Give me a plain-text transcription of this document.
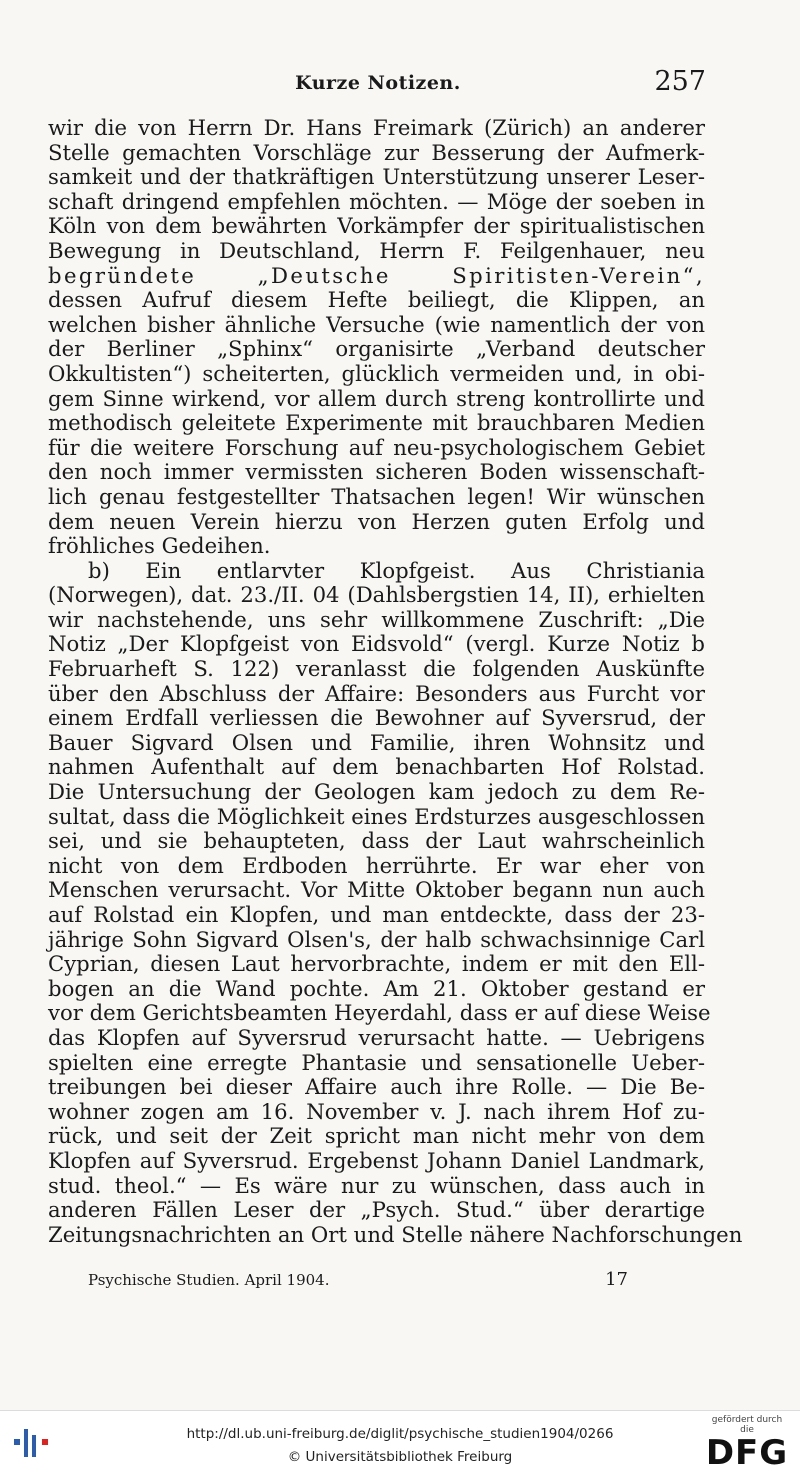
Kurze Notizen.	257
wir die von Herrn Dr. Hans Freimark (Zürich) an anderer
Stelle gemachten Vorschläge zur Besserung der Aufmerk-
samkeit und der thatkräftigen Unterstützung unserer Leser-
schaft dringend empfehlen möchten. — Möge der soeben in
Köln von dem bewährten Vorkämpfer der spiritualistischen
Bewegung in Deutschland, Herrn F. Feilgenhauer, neu
begründete „Deutsche Spiritisten-Verein“,
dessen Aufruf diesem Hefte beiliegt, die Klippen, an
welchen bisher ähnliche Versuche (wie namentlich der von
der Berliner „Sphinx“ organisirte „Verband deutscher
Okkultisten“) scheiterten, glücklich vermeiden und, in obi-
gem Sinne wirkend, vor allem durch streng kontrollirte und
methodisch geleitete Experimente mit brauchbaren Medien
für die weitere Forschung auf neu-psychologischem Gebiet
den noch immer vermissten sicheren Boden wissenschaft-
lich genau festgestellter Thatsachen legen! Wir wünschen
dem neuen Verein hierzu von Herzen guten Erfolg und
fröhliches Gedeihen.
b) Ein entlarvter Klopfgeist. Aus Christiania
(Norwegen), dat. 23./II. 04 (Dahlsbergstien 14, II), erhielten
wir nachstehende, uns sehr willkommene Zuschrift: „Die
Notiz „Der Klopfgeist von Eidsvold“ (vergl. Kurze Notiz b
Februarheft S. 122) veranlasst die folgenden Auskünfte
über den Abschluss der Affaire: Besonders aus Furcht vor
einem Erdfall verliessen die Bewohner auf Syversrud, der
Bauer Sigvard Olsen und Familie, ihren Wohnsitz und
nahmen Aufenthalt auf dem benachbarten Hof Rolstad.
Die Untersuchung der Geologen kam jedoch zu dem Re-
sultat, dass die Möglichkeit eines Erdsturzes ausgeschlossen
sei, und sie behaupteten, dass der Laut wahrscheinlich
nicht von dem Erdboden herrührte. Er war eher von
Menschen verursacht. Vor Mitte Oktober begann nun auch
auf Rolstad ein Klopfen, und man entdeckte, dass der 23-
jährige Sohn Sigvard Olsen's, der halb schwachsinnige Carl
Cyprian, diesen Laut hervorbrachte, indem er mit den Ell-
bogen an die Wand pochte. Am 21. Oktober gestand er
vor dem Gerichtsbeamten Heyerdahl, dass er auf diese Weise
das Klopfen auf Syversrud verursacht hatte. — Uebrigens
spielten eine erregte Phantasie und sensationelle Ueber-
treibungen bei dieser Affaire auch ihre Rolle. — Die Be-
wohner zogen am 16. November v. J. nach ihrem Hof zu-
rück, und seit der Zeit spricht man nicht mehr von dem
Klopfen auf Syversrud. Ergebenst Johann Daniel Landmark,
stud. theol.“ — Es wäre nur zu wünschen, dass auch in
anderen Fällen Leser der „Psych. Stud.“ über derartige
Zeitungsnachrichten an Ort und Stelle nähere Nachforschungen
Psychische Studien. April 1904.	17
http://dl.ub.uni-freiburg.de/diglit/psychische_studien1904/0266
© Universitätsbibliothek Freiburg
gefördert durch die
DFG
